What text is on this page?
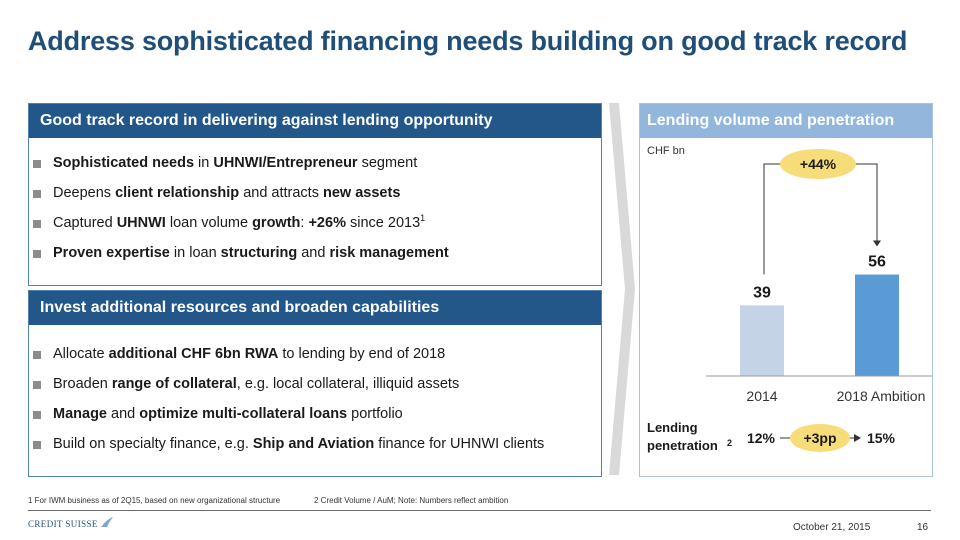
Address sophisticated financing needs building on good track record
Good track record in delivering against lending opportunity
Sophisticated needs in UHNWI/Entrepreneur segment
Deepens client relationship and attracts new assets
Captured UHNWI loan volume growth: +26% since 2013$^1$
Proven expertise in loan structuring and risk management
Invest additional resources and broaden capabilities
Allocate additional CHF 6bn RWA to lending by end of 2018
Broaden range of collateral, e.g. local collateral, illiquid assets
Manage and optimize multi-collateral loans portfolio
Build on specialty finance, e.g. Ship and Aviation finance for UHNWI clients
Lending volume and penetration
CHF bn
39
2014
56
2018 Ambition
+44%
Lending
penetration 2 12% +3pp 15%
1 For IWM business as of 2Q15, based on new organizational structure	2 Credit Volume / AuM; Note: Numbers reflect ambition
CREDIT SUISSE	October 21, 2015	16
